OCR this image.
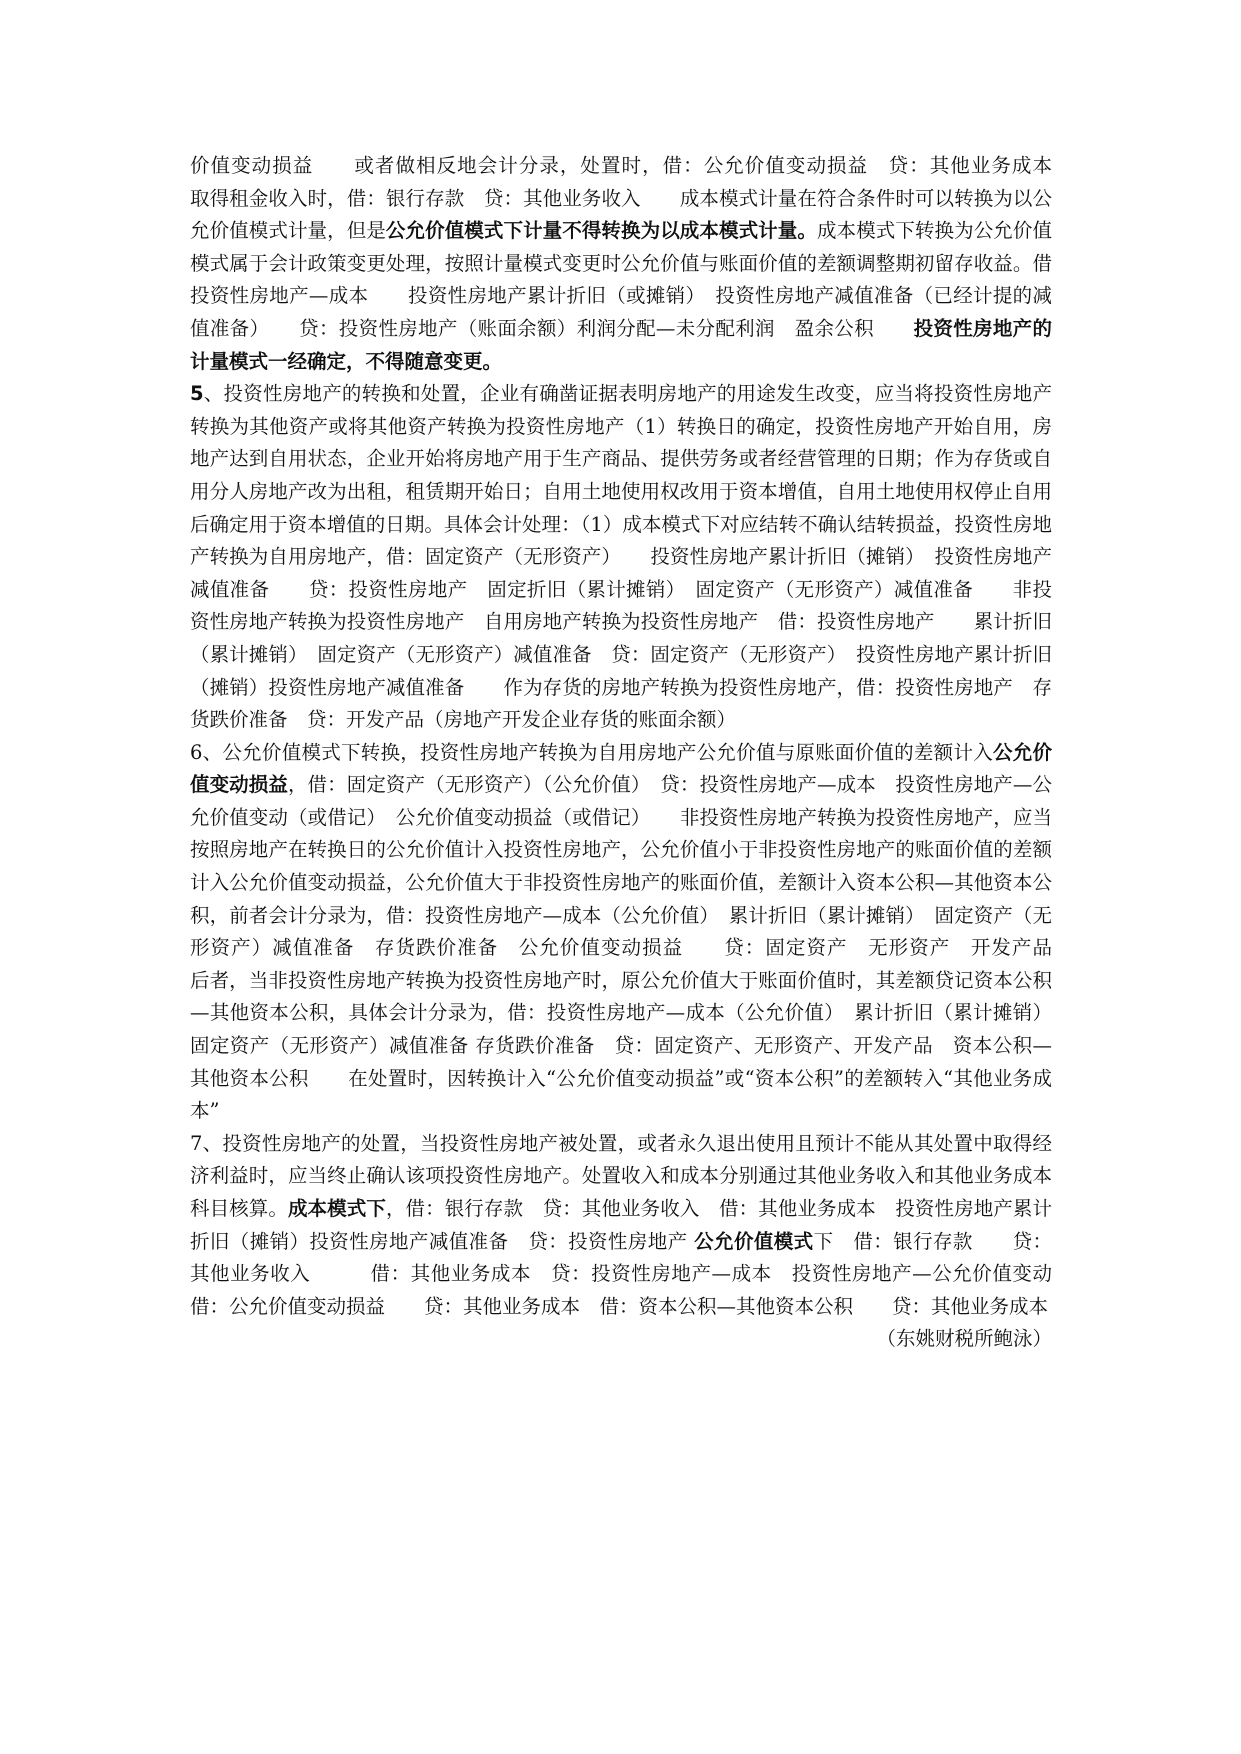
价值变动损益　　或者做相反地会计分录，处置时，借：公允价值变动损益　贷：其他业务成本　　取得租金收入时，借：银行存款　贷：其他业务收入　　成本模式计量在符合条件时可以转换为以公允价值模式计量，但是公允价值模式下计量不得转换为以成本模式计量。成本模式下转换为公允价值模式属于会计政策变更处理，按照计量模式变更时公允价值与账面价值的差额调整期初留存收益。借投资性房地产—成本　　投资性房地产累计折旧（或摊销）　投资性房地产减值准备（已经计提的减值准备）　　贷：投资性房地产（账面余额）利润分配—未分配利润　盈余公积　　投资性房地产的计量模式一经确定，不得随意变更。

5、投资性房地产的转换和处置，企业有确凿证据表明房地产的用途发生改变，应当将投资性房地产转换为其他资产或将其他资产转换为投资性房地产（1）转换日的确定，投资性房地产开始自用，房地产达到自用状态，企业开始将房地产用于生产商品、提供劳务或者经营管理的日期；作为存货或自用分人房地产改为出租，租赁期开始日；自用土地使用权改用于资本增值，自用土地使用权停止自用后确定用于资本增值的日期。具体会计处理：（1）成本模式下对应结转不确认结转损益，投资性房地产转换为自用房地产，借：固定资产（无形资产）　　投资性房地产累计折旧（摊销）　投资性房地产减值准备　　贷：投资性房地产　固定折旧（累计摊销）　固定资产（无形资产）减值准备　　非投资性房地产转换为投资性房地产　自用房地产转换为投资性房地产　借：投资性房地产　　累计折旧（累计摊销）　固定资产（无形资产）减值准备　贷：固定资产（无形资产）　投资性房地产累计折旧（摊销）投资性房地产减值准备　　作为存货的房地产转换为投资性房地产，借：投资性房地产　存货跌价准备　贷：开发产品（房地产开发企业存货的账面余额）

6、公允价值模式下转换，投资性房地产转换为自用房地产公允价值与原账面价值的差额计入公允价值变动损益，借：固定资产（无形资产）（公允价值）　贷：投资性房地产—成本　投资性房地产—公允价值变动（或借记）　公允价值变动损益（或借记）　　非投资性房地产转换为投资性房地产，应当按照房地产在转换日的公允价值计入投资性房地产，公允价值小于非投资性房地产的账面价值的差额计入公允价值变动损益，公允价值大于非投资性房地产的账面价值，差额计入资本公积—其他资本公积，前者会计分录为，借：投资性房地产—成本（公允价值）　累计折旧（累计摊销）　固定资产（无形资产）减值准备　存货跌价准备　公允价值变动损益　　贷：固定资产　无形资产　开发产品　　后者，当非投资性房地产转换为投资性房地产时，原公允价值大于账面价值时，其差额贷记资本公积—其他资本公积，具体会计分录为，借：投资性房地产—成本（公允价值）　累计折旧（累计摊销）固定资产（无形资产）减值准备 存货跌价准备　贷：固定资产、无形资产、开发产品　资本公积—其他资本公积　　在处置时，因转换计入“公允价值变动损益”或“资本公积”的差额转入“其他业务成本”

7、投资性房地产的处置，当投资性房地产被处置，或者永久退出使用且预计不能从其处置中取得经济利益时，应当终止确认该项投资性房地产。处置收入和成本分别通过其他业务收入和其他业务成本科目核算。成本模式下，借：银行存款　贷：其他业务收入　借：其他业务成本　投资性房地产累计折旧（摊销）投资性房地产减值准备　贷：投资性房地产 公允价值模式下　借：银行存款　　贷：其他业务收入　　　借：其他业务成本　贷：投资性房地产—成本　投资性房地产—公允价值变动　　借：公允价值变动损益　　贷：其他业务成本　借：资本公积—其他资本公积　　贷：其他业务成本
（东姚财税所鲍泳）
